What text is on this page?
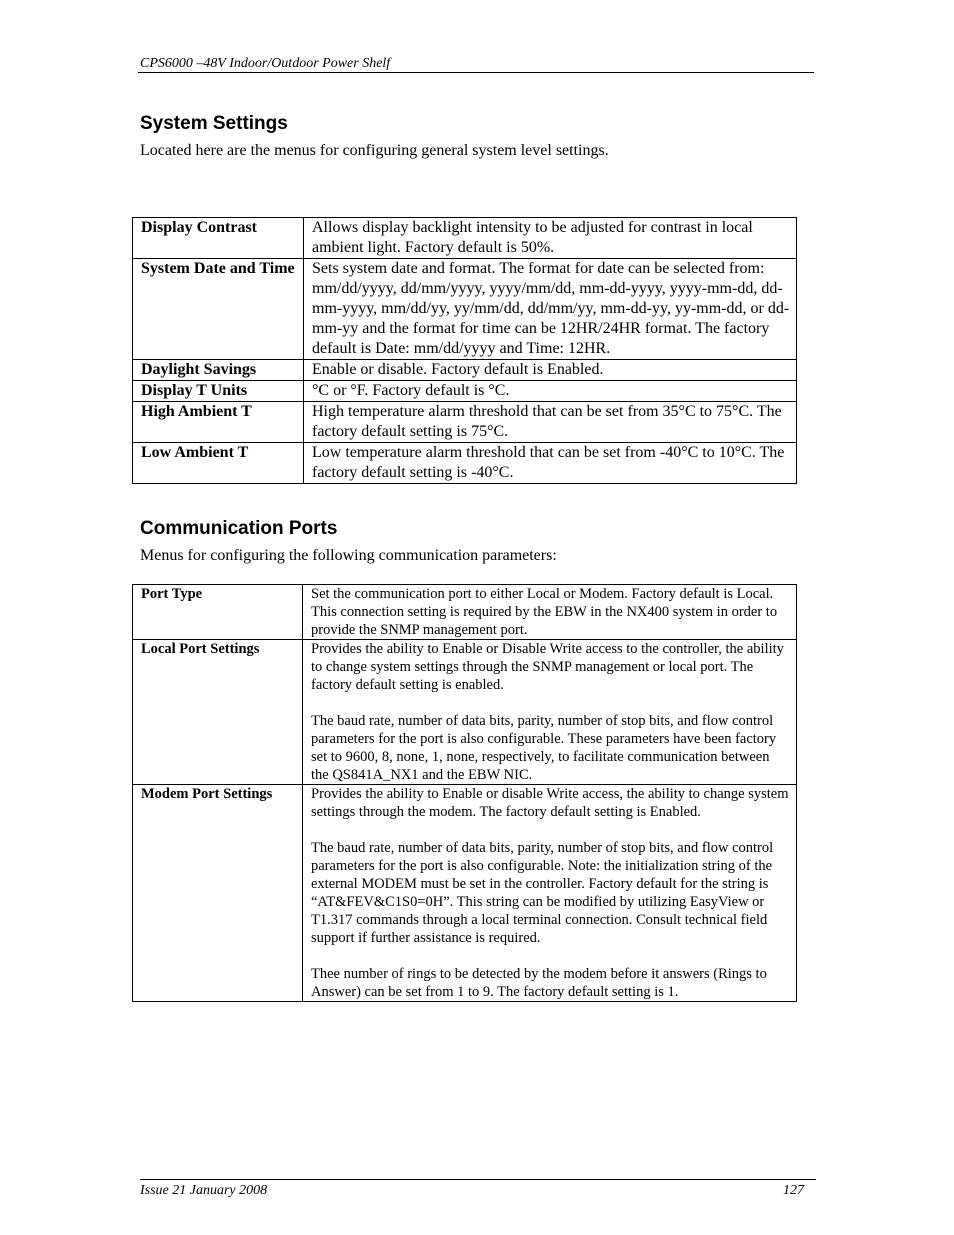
CPS6000 –48V Indoor/Outdoor Power Shelf
System Settings
Located here are the menus for configuring general system level settings.
Display Contrast	Allows display backlight intensity to be adjusted for contrast in local ambient light. Factory default is 50%.
System Date and Time	Sets system date and format. The format for date can be selected from: mm/dd/yyyy, dd/mm/yyyy, yyyy/mm/dd, mm-dd-yyyy, yyyy-mm-dd, dd-mm-yyyy, mm/dd/yy, yy/mm/dd, dd/mm/yy, mm-dd-yy, yy-mm-dd, or dd-mm-yy and the format for time can be 12HR/24HR format. The factory default is Date: mm/dd/yyyy and Time: 12HR.
Daylight Savings	Enable or disable. Factory default is Enabled.
Display T Units	°C or °F. Factory default is °C.
High Ambient T	High temperature alarm threshold that can be set from 35°C to 75°C. The factory default setting is 75°C.
Low Ambient T	Low temperature alarm threshold that can be set from -40°C to 10°C. The factory default setting is -40°C.
Communication Ports
Menus for configuring the following communication parameters:
Port Type	Set the communication port to either Local or Modem. Factory default is Local. This connection setting is required by the EBW in the NX400 system in order to provide the SNMP management port.

Local Port Settings	Provides the ability to Enable or Disable Write access to the controller, the ability to change system settings through the SNMP management or local port. The factory default setting is enabled.

The baud rate, number of data bits, parity, number of stop bits, and flow control parameters for the port is also configurable. These parameters have been factory set to 9600, 8, none, 1, none, respectively, to facilitate communication between the QS841A_NX1 and the EBW NIC.

Modem Port Settings	Provides the ability to Enable or disable Write access, the ability to change system settings through the modem. The factory default setting is Enabled.

The baud rate, number of data bits, parity, number of stop bits, and flow control parameters for the port is also configurable. Note: the initialization string of the external MODEM must be set in the controller. Factory default for the string is “AT&FEV&C1S0=0H”. This string can be modified by utilizing EasyView or T1.317 commands through a local terminal connection. Consult technical field support if further assistance is required.

Thee number of rings to be detected by the modem before it answers (Rings to Answer) can be set from 1 to 9. The factory default setting is 1.

Issue 21 January 2008	127
